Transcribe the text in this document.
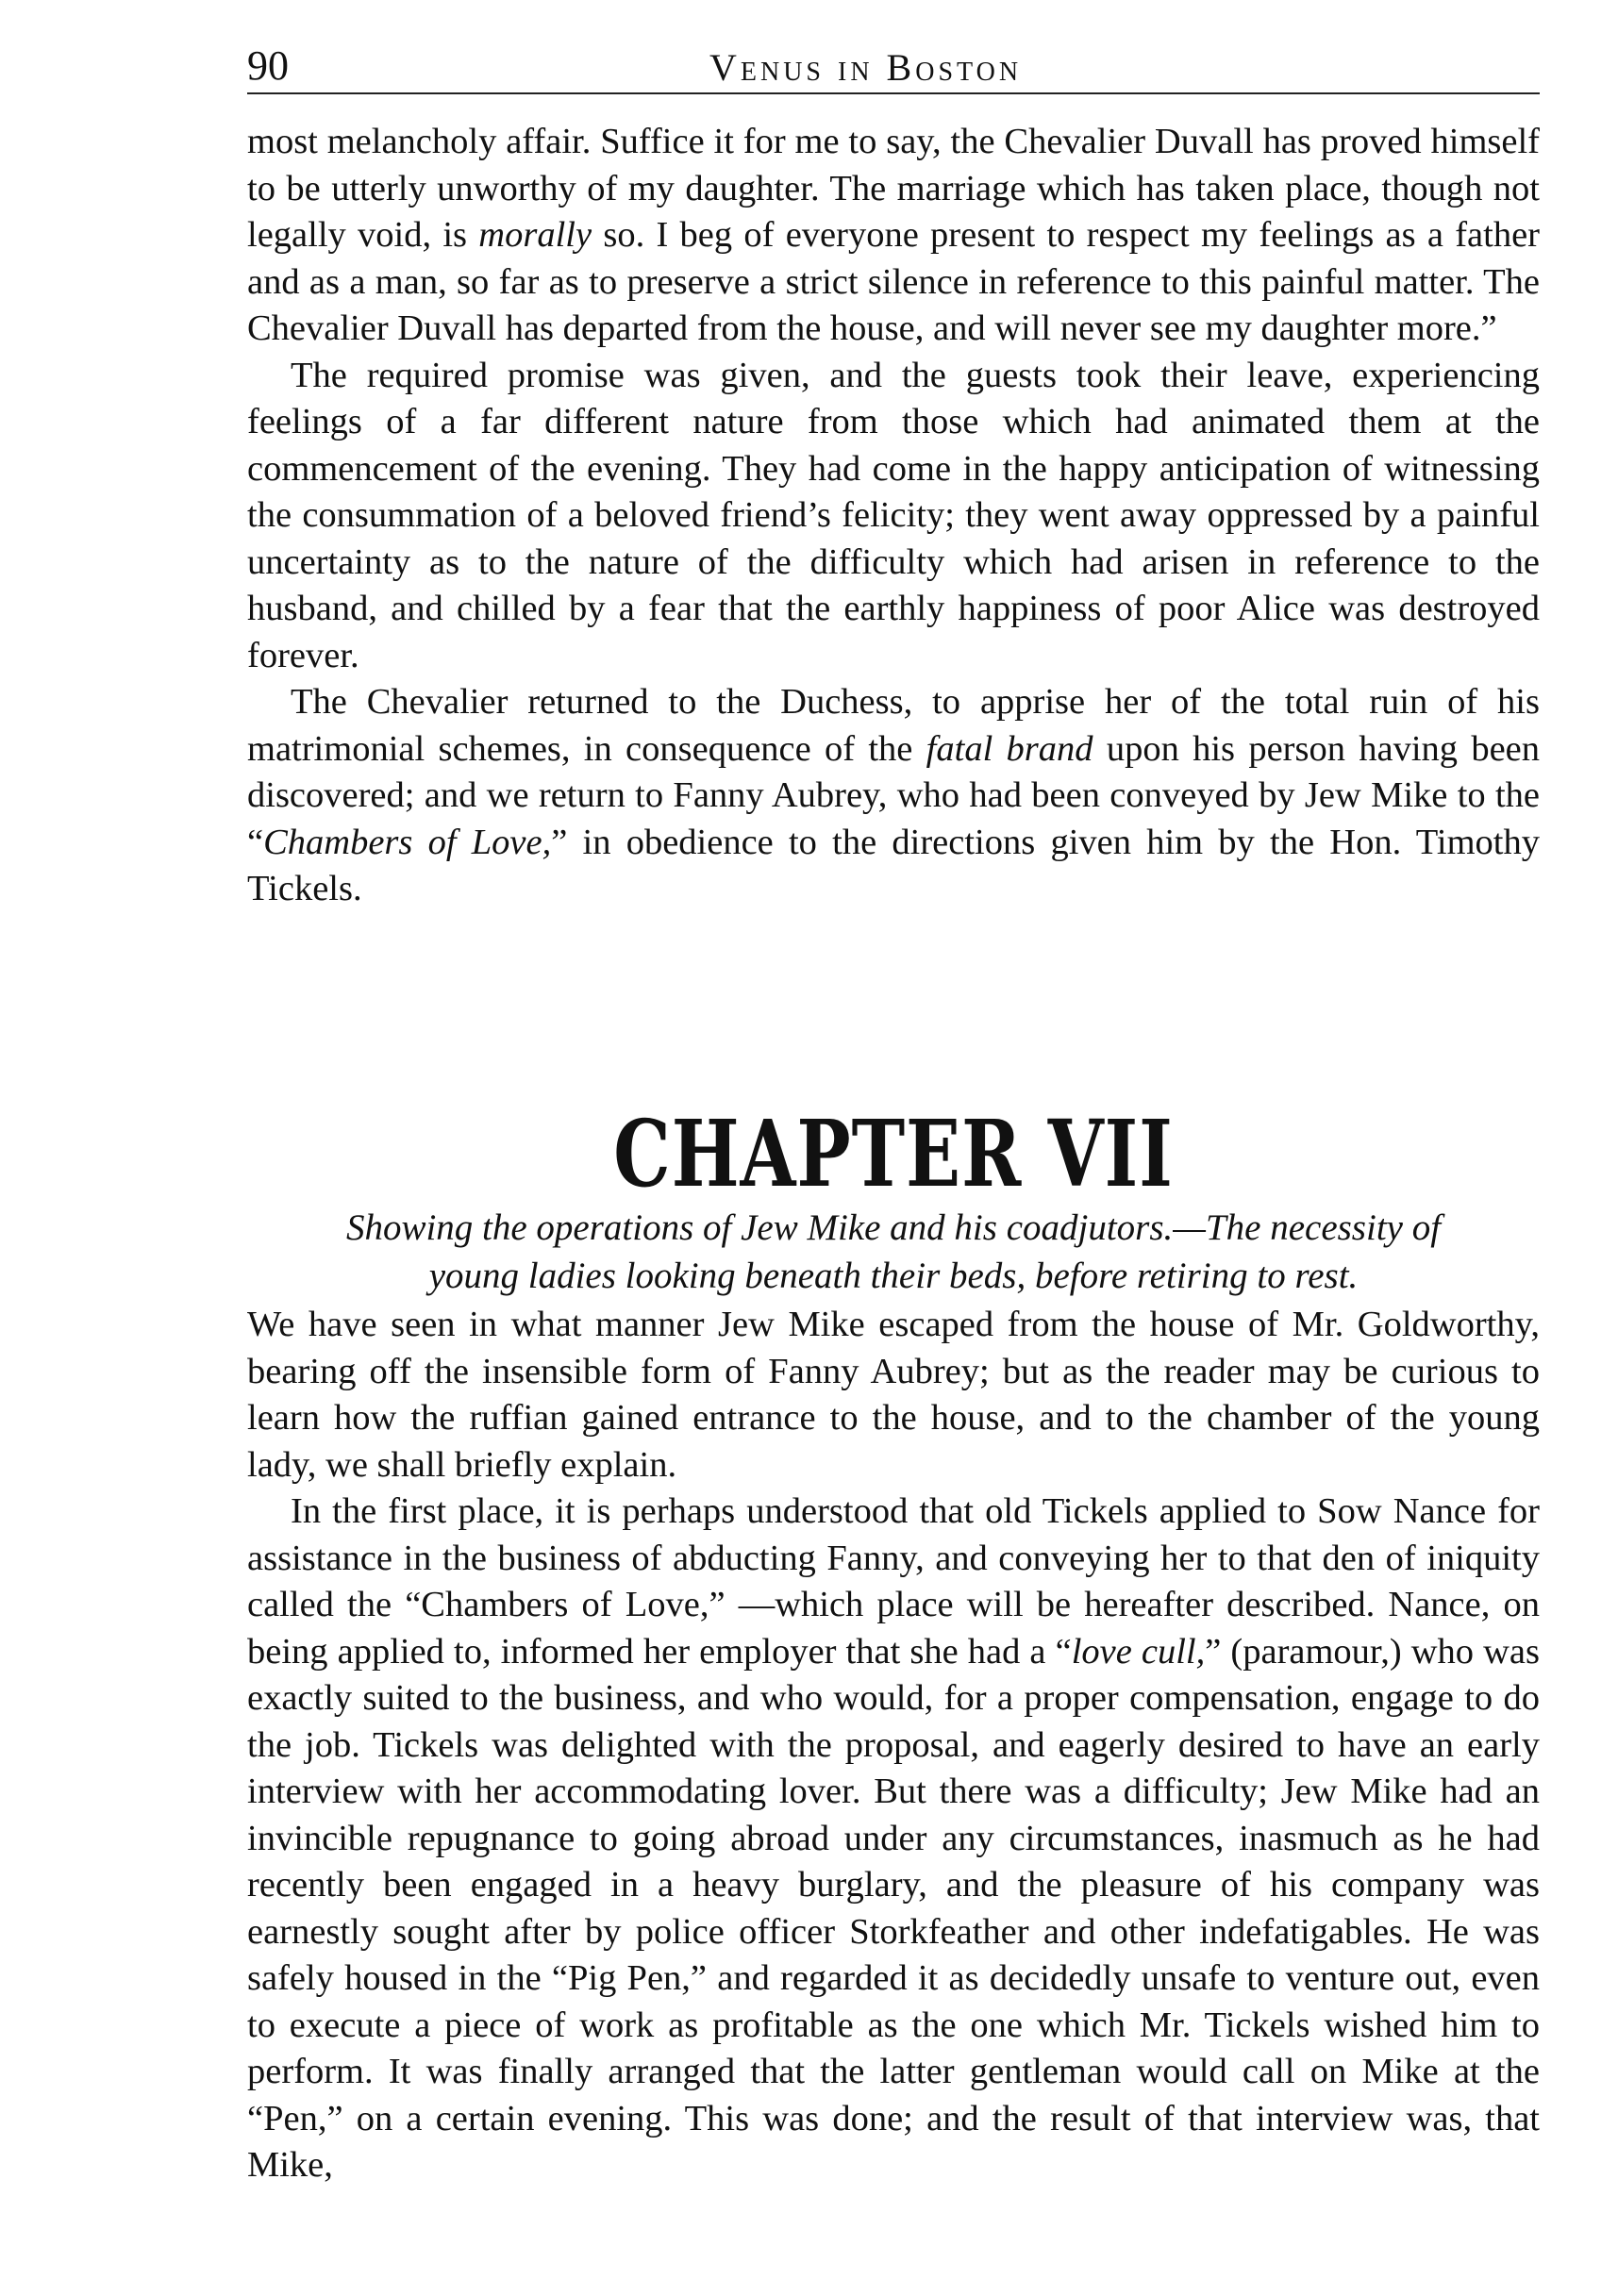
90	Venus in Boston

most melancholy affair. Suffice it for me to say, the Chevalier Duvall has proved himself to be utterly unworthy of my daughter. The marriage which has taken place, though not legally void, is morally so. I beg of everyone present to respect my feelings as a father and as a man, so far as to preserve a strict silence in reference to this painful matter. The Chevalier Duvall has departed from the house, and will never see my daughter more.”

The required promise was given, and the guests took their leave, experiencing feelings of a far different nature from those which had animated them at the commencement of the evening. They had come in the happy anticipation of witnessing the consummation of a beloved friend’s felicity; they went away oppressed by a painful uncertainty as to the nature of the difficulty which had arisen in reference to the husband, and chilled by a fear that the earthly happiness of poor Alice was destroyed forever.

The Chevalier returned to the Duchess, to apprise her of the total ruin of his matrimonial schemes, in consequence of the fatal brand upon his person having been discovered; and we return to Fanny Aubrey, who had been conveyed by Jew Mike to the “Chambers of Love,” in obedience to the directions given him by the Hon. Timothy Tickels.

CHAPTER VII
Showing the operations of Jew Mike and his coadjutors.—The necessity of
young ladies looking beneath their beds, before retiring to rest.

We have seen in what manner Jew Mike escaped from the house of Mr. Goldworthy, bearing off the insensible form of Fanny Aubrey; but as the reader may be curious to learn how the ruffian gained entrance to the house, and to the chamber of the young lady, we shall briefly explain.

In the first place, it is perhaps understood that old Tickels applied to Sow Nance for assistance in the business of abducting Fanny, and conveying her to that den of iniquity called the “Chambers of Love,” —which place will be hereafter described. Nance, on being applied to, informed her employer that she had a “love cull,” (paramour,) who was exactly suited to the business, and who would, for a proper compensation, engage to do the job. Tickels was delighted with the proposal, and eagerly desired to have an early interview with her accommodating lover. But there was a difficulty; Jew Mike had an invincible repugnance to going abroad under any circumstances, inasmuch as he had recently been engaged in a heavy burglary, and the pleasure of his company was earnestly sought after by police officer Storkfeather and other indefatigables. He was safely housed in the “Pig Pen,” and regarded it as decidedly unsafe to venture out, even to execute a piece of work as profitable as the one which Mr. Tickels wished him to perform. It was finally arranged that the latter gentleman would call on Mike at the “Pen,” on a certain evening. This was done; and the result of that interview was, that Mike,
